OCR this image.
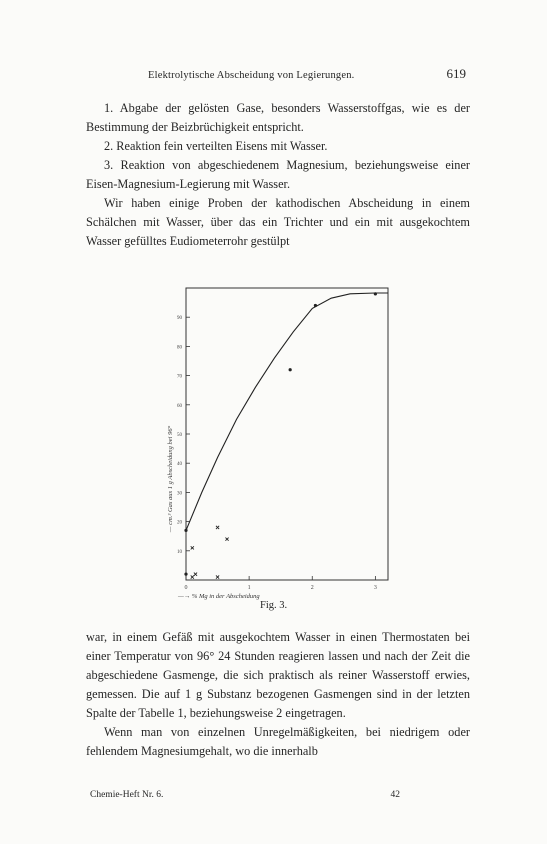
Elektrolytische Abscheidung von Legierungen.	619

1. Abgabe der gelösten Gase, besonders Wasserstoffgas, wie es der Bestimmung der Beizbrüchigkeit entspricht.

2. Reaktion fein verteilten Eisens mit Wasser.

3. Reaktion von abgeschiedenem Magnesium, beziehungsweise einer Eisen-Magnesium-Legierung mit Wasser.

Wir haben einige Proben der kathodischen Abscheidung in einem Schälchen mit Wasser, über das ein Trichter und ein mit ausgekochtem Wasser gefülltes Eudiometerrohr gestülpt

10
20
30
40
50
60
70
80
90
0	1	2	3
— cm.³ Gas aus 1 g Abscheidung bei 96°
—→ % Mg in der Abscheidung
Fig. 3.

war, in einem Gefäß mit ausgekochtem Wasser in einen Thermostaten bei einer Temperatur von 96° 24 Stunden reagieren lassen und nach der Zeit die abgeschiedene Gasmenge, die sich praktisch als reiner Wasserstoff erwies, gemessen. Die auf 1 g Substanz bezogenen Gasmengen sind in der letzten Spalte der Tabelle 1, beziehungsweise 2 eingetragen.

Wenn man von einzelnen Unregelmäßigkeiten, bei niedrigem oder fehlendem Magnesiumgehalt, wo die innerhalb

Chemie-Heft Nr. 6.	42
